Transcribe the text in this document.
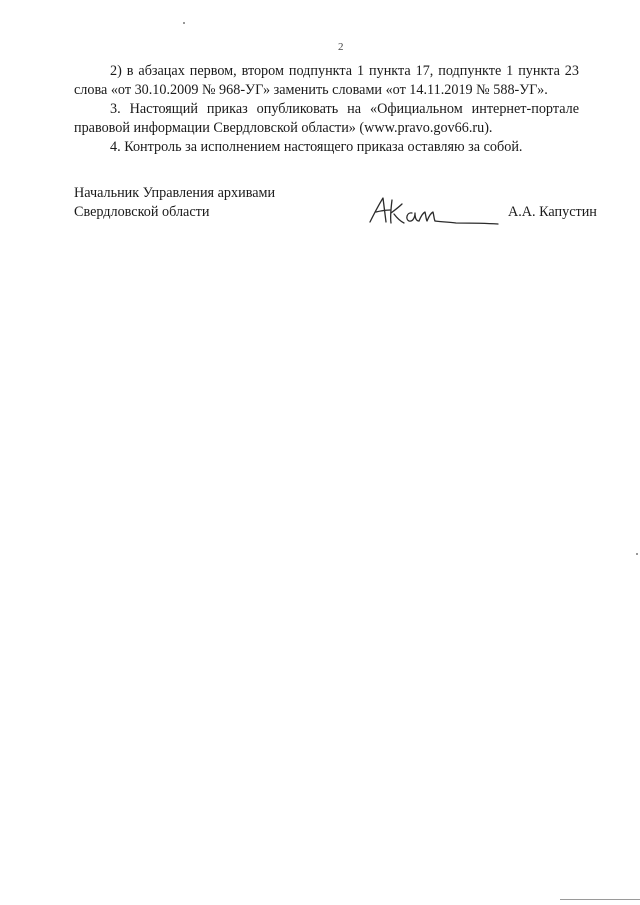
2

2) в абзацах первом, втором подпункта 1 пункта 17, подпункте 1 пункта 23 слова «от 30.10.2009 № 968-УГ» заменить словами «от 14.11.2019 № 588-УГ».

3. Настоящий приказ опубликовать на «Официальном интернет-портале правовой информации Свердловской области» (www.pravo.gov66.ru).

4. Контроль за исполнением настоящего приказа оставляю за собой.

Начальник Управления архивами
Свердловской области	А.А. Капустин
